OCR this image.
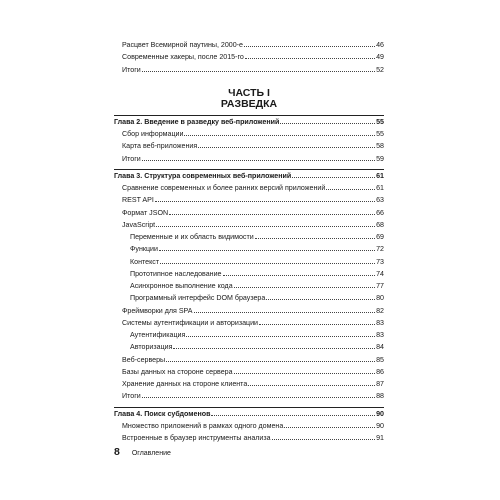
Расцвет Всемирной паутины, 2000-е	46
Современные хакеры, после 2015-го	49
Итоги	52
ЧАСТЬ I
РАЗВЕДКА
Глава 2. Введение в разведку веб-приложений	55
Сбор информации	55
Карта веб-приложения	58
Итоги	59
Глава 3. Структура современных веб-приложений	61
Сравнение современных и более ранних версий приложений	61
REST API	63
Формат JSON	66
JavaScript	68
Переменные и их область видимости	69
Функции	72
Контекст	73
Прототипное наследование	74
Асинхронное выполнение кода	77
Программный интерфейс DOM браузера	80
Фреймворки для SPA	82
Системы аутентификации и авторизации	83
Аутентификация	83
Авторизация	84
Веб-серверы	85
Базы данных на стороне сервера	86
Хранение данных на стороне клиента	87
Итоги	88
Глава 4. Поиск субдоменов	90
Множество приложений в рамках одного домена	90
Встроенные в браузер инструменты анализа	91
8 Оглавление
